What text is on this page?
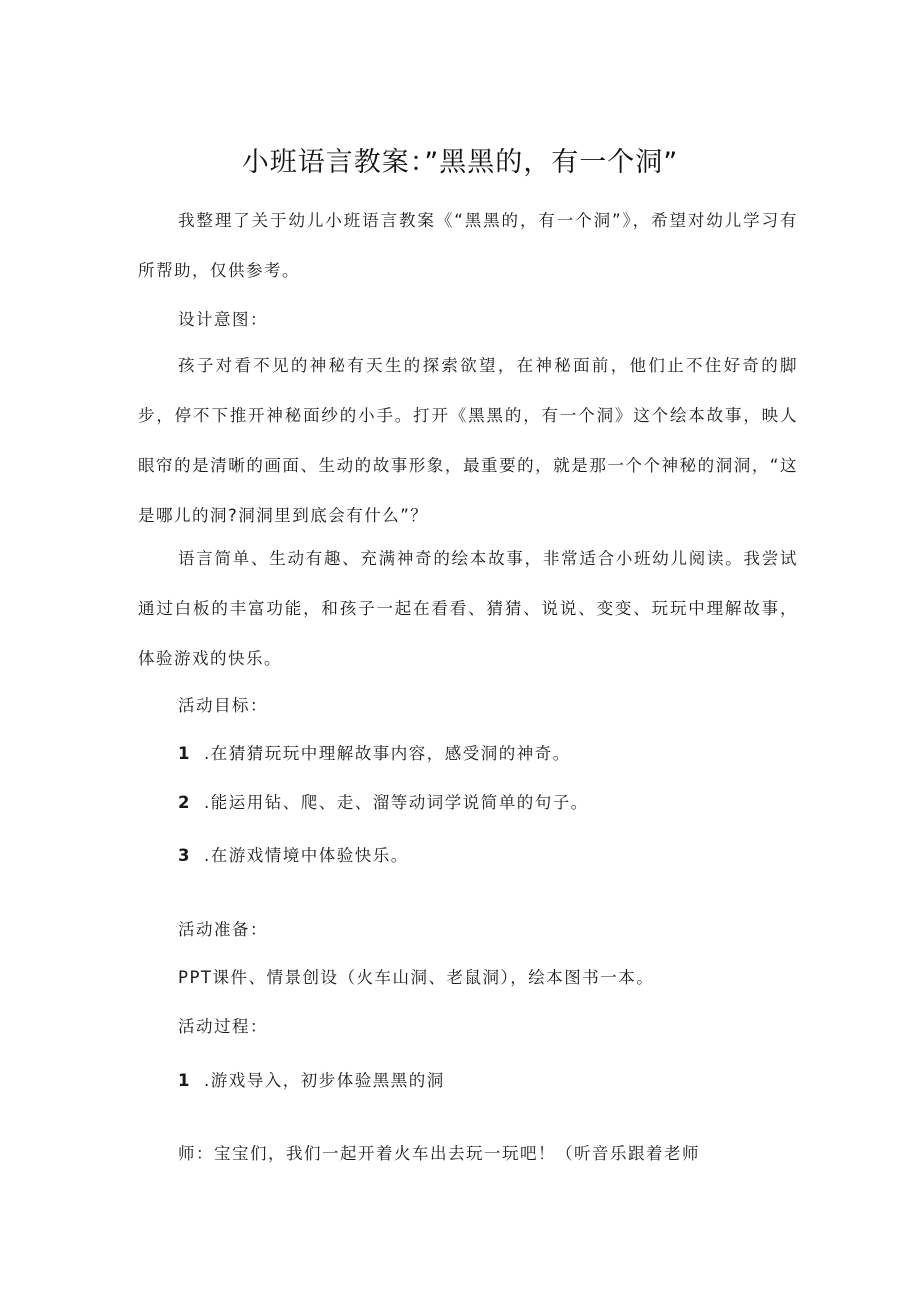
小班语言教案：”黑黑的，有一个洞”
我整理了关于幼儿小班语言教案《“黑黑的，有一个洞”》，希望对幼儿学习有所帮助，仅供参考。
设计意图：
孩子对看不见的神秘有天生的探索欲望，在神秘面前，他们止不住好奇的脚步，停不下推开神秘面纱的小手。打开《黑黑的，有一个洞》这个绘本故事，映人眼帘的是清晰的画面、生动的故事形象，最重要的，就是那一个个神秘的洞洞，“这是哪儿的洞?洞洞里到底会有什么”？
语言简单、生动有趣、充满神奇的绘本故事，非常适合小班幼儿阅读。我尝试通过白板的丰富功能，和孩子一起在看看、猜猜、说说、变变、玩玩中理解故事，体验游戏的快乐。
活动目标：
1 .在猜猜玩玩中理解故事内容，感受洞的神奇。
2 .能运用钻、爬、走、溜等动词学说简单的句子。
3 .在游戏情境中体验快乐。
活动准备：
PPT课件、情景创设（火车山洞、老鼠洞），绘本图书一本。
活动过程：
1 .游戏导入，初步体验黑黑的洞
师：宝宝们，我们一起开着火车出去玩一玩吧！（听音乐跟着老师
